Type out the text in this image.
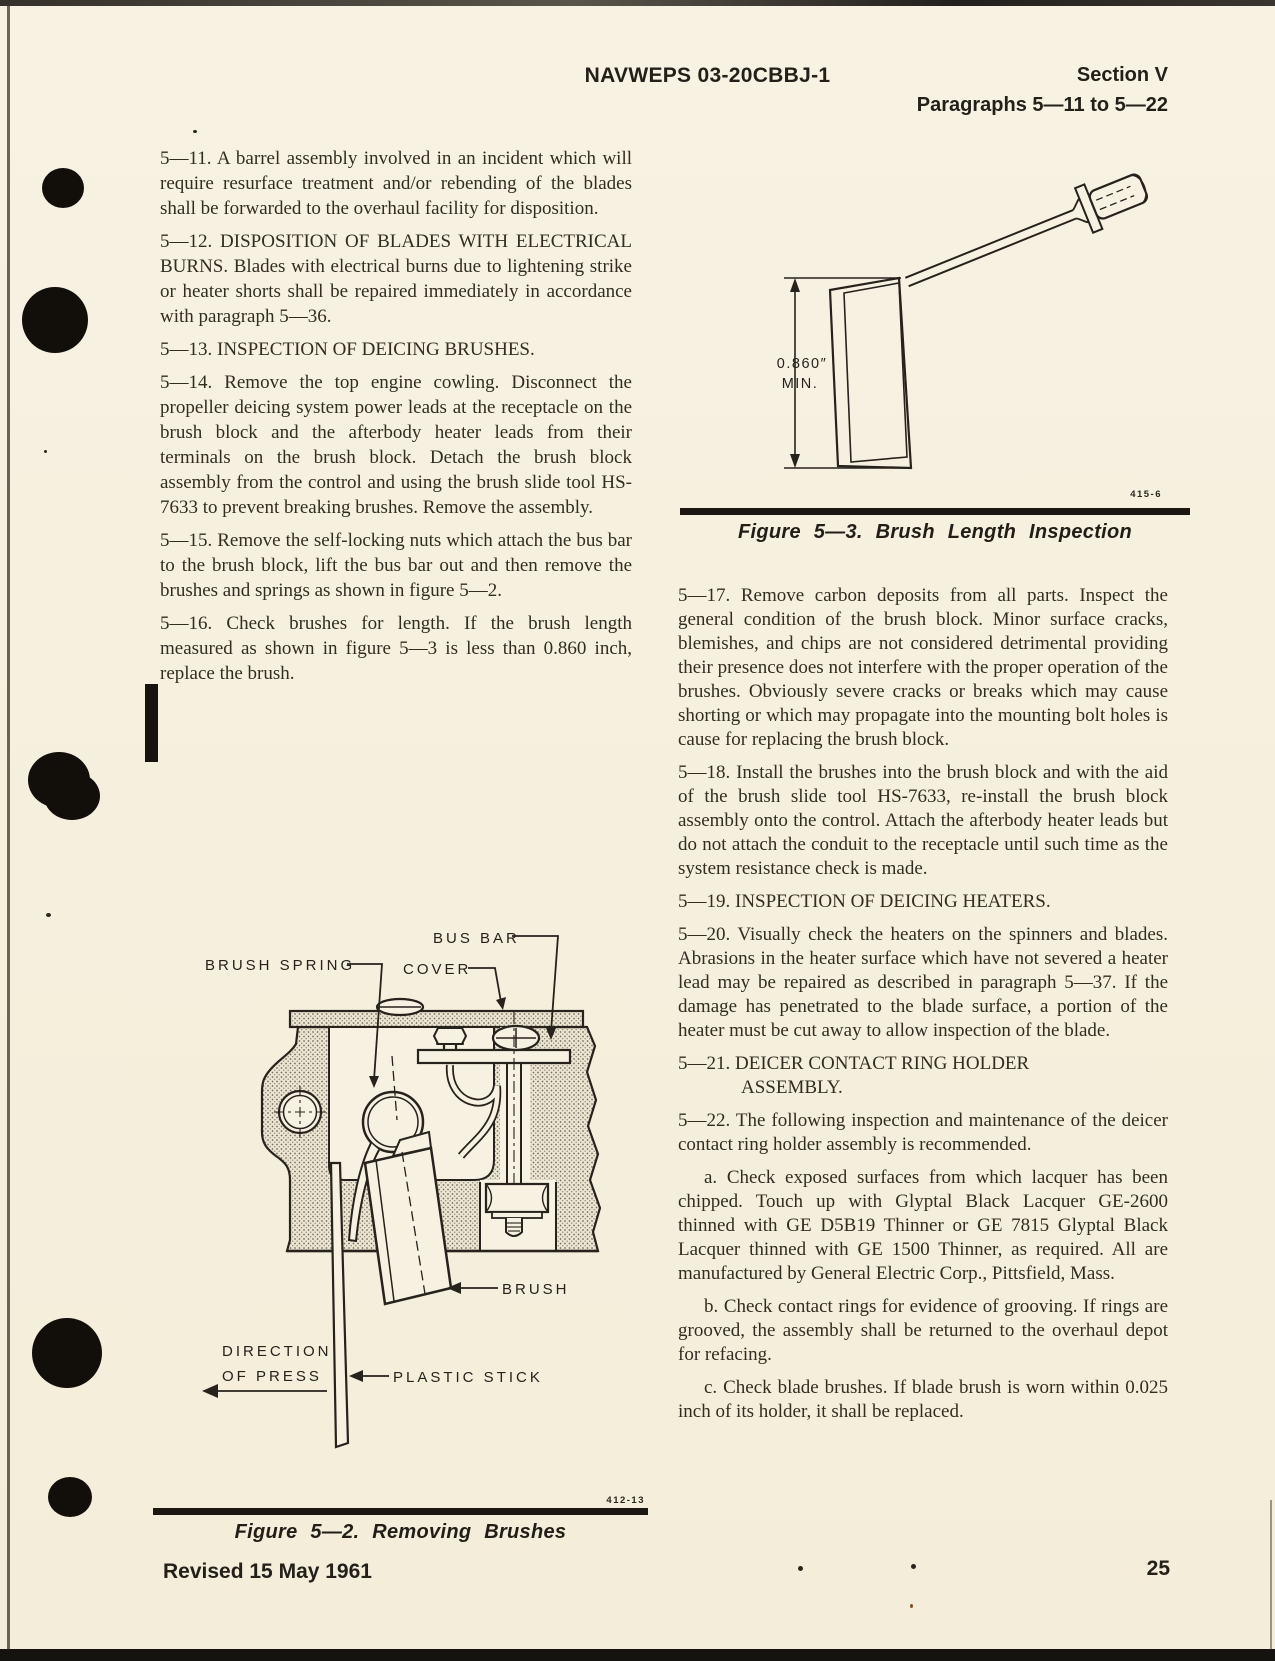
NAVWEPS 03-20CBBJ-1	Section V
Paragraphs 5—11 to 5—22

5—11. A barrel assembly involved in an incident which will require resurface treatment and/or rebending of the blades shall be forwarded to the overhaul facility for disposition.

5—12. DISPOSITION OF BLADES WITH ELECTRICAL BURNS. Blades with electrical burns due to lightening strike or heater shorts shall be repaired immediately in accordance with paragraph 5—36.

5—13. INSPECTION OF DEICING BRUSHES.

5—14. Remove the top engine cowling. Disconnect the propeller deicing system power leads at the receptacle on the brush block and the afterbody heater leads from their terminals on the brush block. Detach the brush block assembly from the control and using the brush slide tool HS-7633 to prevent breaking brushes. Remove the assembly.

5—15. Remove the self-locking nuts which attach the bus bar to the brush block, lift the bus bar out and then remove the brushes and springs as shown in figure 5—2.

5—16. Check brushes for length. If the brush length measured as shown in figure 5—3 is less than 0.860 inch, replace the brush.

5—17. Remove carbon deposits from all parts. Inspect the general condition of the brush block. Minor surface cracks, blemishes, and chips are not considered detrimental providing their presence does not interfere with the proper operation of the brushes. Obviously severe cracks or breaks which may cause shorting or which may propagate into the mounting bolt holes is cause for replacing the brush block.

5—18. Install the brushes into the brush block and with the aid of the brush slide tool HS-7633, re-install the brush block assembly onto the control. Attach the afterbody heater leads but do not attach the conduit to the receptacle until such time as the system resistance check is made.

5—19. INSPECTION OF DEICING HEATERS.

5—20. Visually check the heaters on the spinners and blades. Abrasions in the heater surface which have not severed a heater lead may be repaired as described in paragraph 5—37. If the damage has penetrated to the blade surface, a portion of the heater must be cut away to allow inspection of the blade.

5—21. DEICER CONTACT RING HOLDER
ASSEMBLY.

5—22. The following inspection and maintenance of the deicer contact ring holder assembly is recommended.

a. Check exposed surfaces from which lacquer has been chipped. Touch up with Glyptal Black Lacquer GE-2600 thinned with GE D5B19 Thinner or GE 7815 Glyptal Black Lacquer thinned with GE 1500 Thinner, as required. All are manufactured by General Electric Corp., Pittsfield, Mass.

b. Check contact rings for evidence of grooving. If rings are grooved, the assembly shall be returned to the overhaul depot for refacing.

c. Check blade brushes. If blade brush is worn within 0.025 inch of its holder, it shall be replaced.

0.860″
MIN.
415-6
Figure 5—3. Brush Length Inspection
BUS BAR
BRUSH SPRING	COVER
BRUSH
PLASTIC STICK
DIRECTION
OF PRESS
412-13
Figure 5—2. Removing Brushes
Revised 15 May 1961	25
